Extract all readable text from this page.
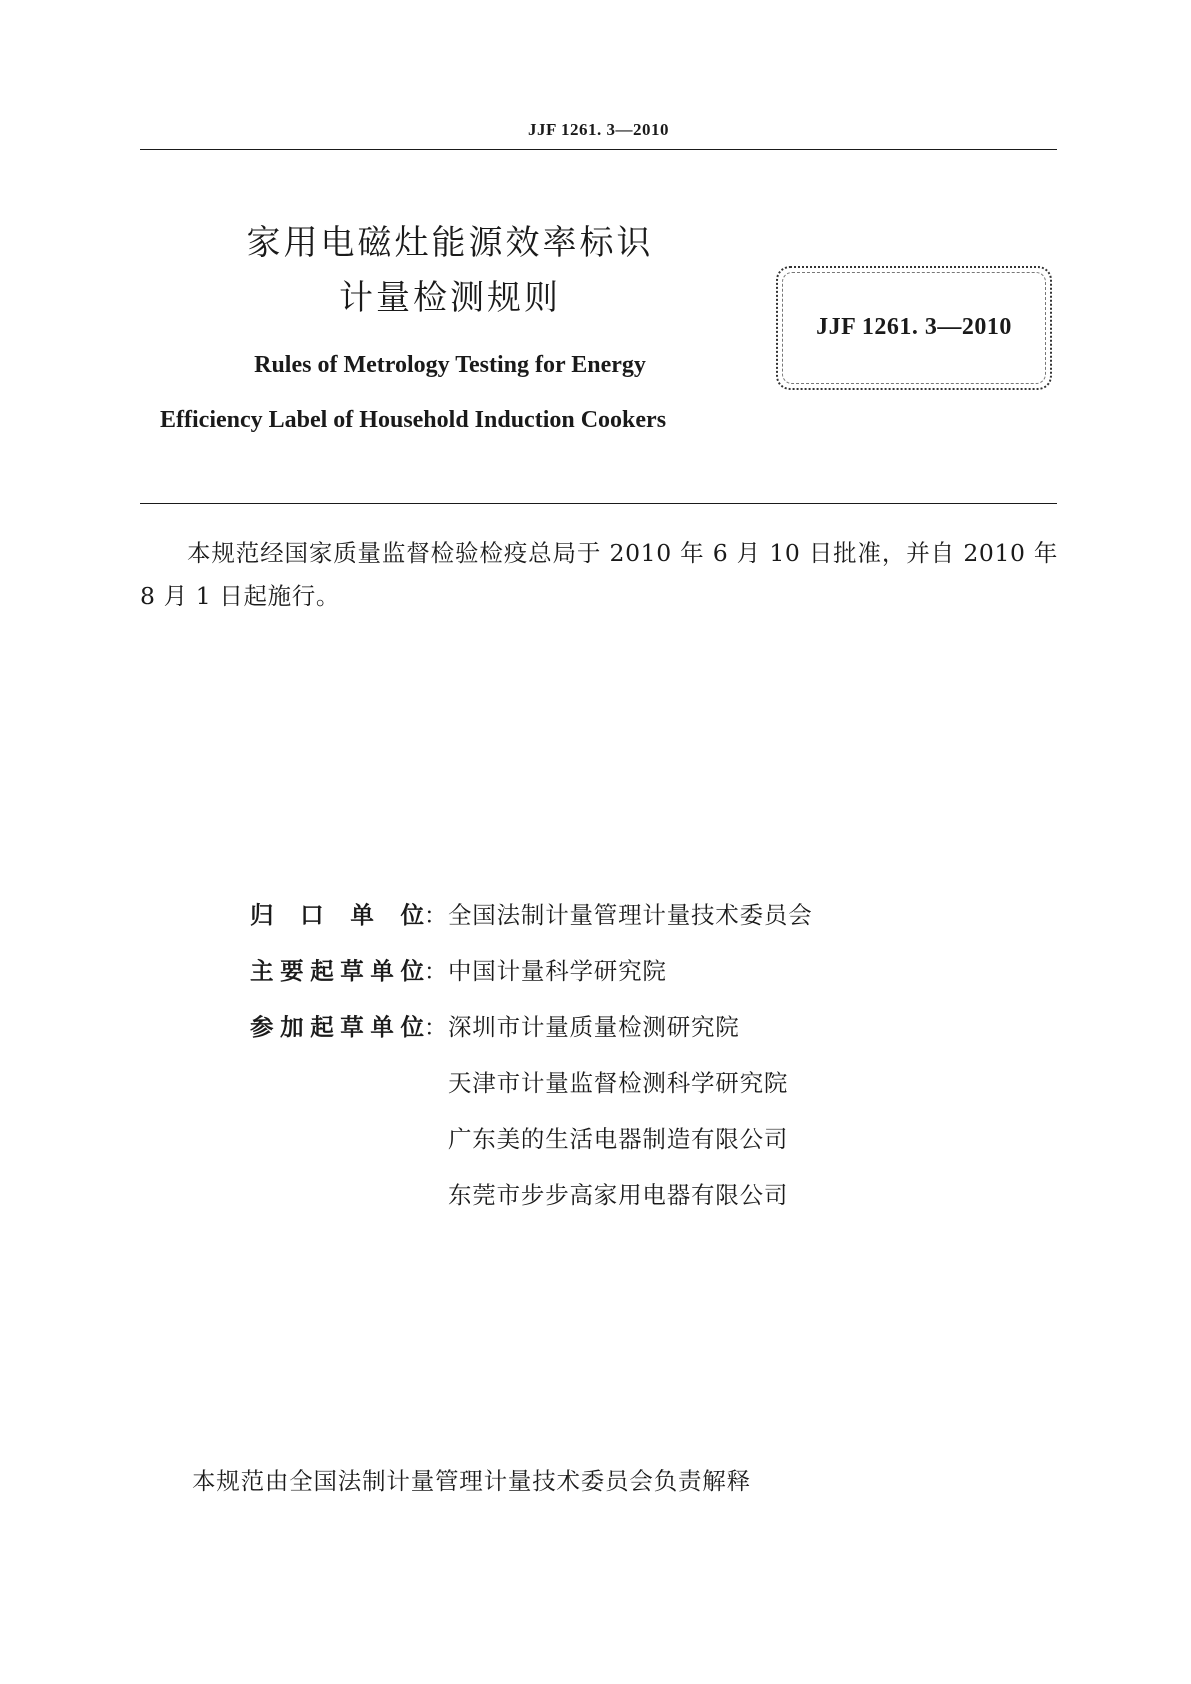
JJF 1261. 3—2010
家用电磁灶能源效率标识
计量检测规则
Rules of Metrology Testing for Energy
Efficiency Label of Household Induction Cookers
JJF 1261. 3—2010
本规范经国家质量监督检验检疫总局于 2010 年 6 月 10 日批准，并自 2010 年 8 月 1 日起施行。
归口单位 ： 全国法制计量管理计量技术委员会
主要起草单位 ： 中国计量科学研究院
参加起草单位 ： 深圳市计量质量检测研究院
天津市计量监督检测科学研究院
广东美的生活电器制造有限公司
东莞市步步高家用电器有限公司
本规范由全国法制计量管理计量技术委员会负责解释
